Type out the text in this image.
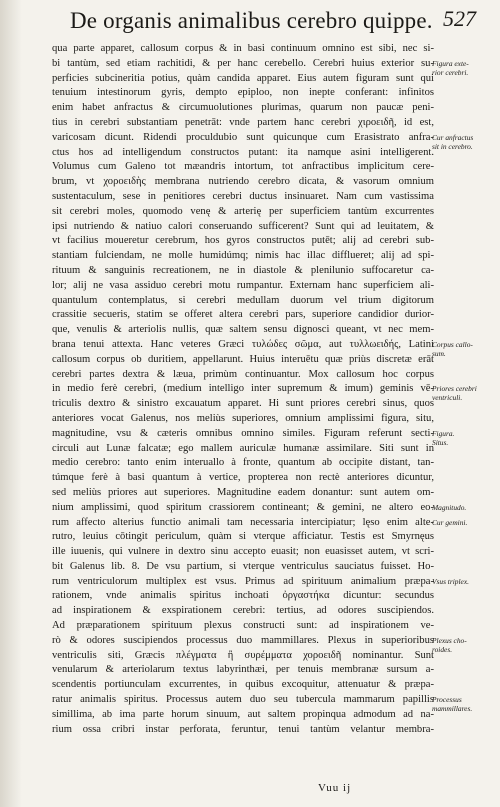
De organis animalibus cerebro quippe. 527
qua parte apparet, callosum corpus & in basi continuum omnino est sibi, nec si-
bi tantùm, sed etiam rachitidi, & per hanc cerebello. Cerebri huius exterior su-
perficies subcineritia potius, quàm candida apparet. Eius autem figuram sunt qui
tenuium intestinorum gyris, dempto epiploo, non inepte conferant: infinitos
enim habet anfractus & circumuolutiones plurimas, quarum non paucæ peni-
tius in cerebri substantiam penetrāt: vnde partem hanc cerebri χιροειδῆ, id est,
varicosam dicunt. Ridendi proculdubio sunt quicunque cum Erasistrato anfra-
ctus hos ad intelligendum constructos putant: ita namque asini intelligerent.
Volumus cum Galeno tot mæandris intortum, tot anfractibus implicitum cere-
brum, vt χοροειδὴς membrana nutriendo cerebro dicata, & vasorum omnium
sustentaculum, sese in penitiores cerebri ductus insinuaret. Nam cum vastissima
sit cerebri moles, quomodo venę & arterię per superficiem tantùm excurrentes
ipsi nutriendo & natiuo calori conseruando sufficerent? Sunt qui ad leuitatem, &
vt facilius moueretur cerebrum, hos gyros constructos putēt; alij ad cerebri sub-
stantiam fulciendam, ne molle humidúmq; nimis hac illac difflueret; alij ad spi-
rituum & sanguinis recreationem, ne in diastole & plenilunio suffocaretur ca-
lor; alij ne vasa assiduo cerebri motu rumpantur. Externam hanc superficiem ali-
quantulum contemplatus, si cerebri medullam duorum vel trium digitorum
crassitie secueris, statim se offeret altera cerebri pars, superiore candidior durior-
que, venulis & arteriolis nullis, quæ saltem sensu dignosci queant, vt nec mem-
brana tenui attexta. Hanc veteres Græci τυλώδες σῶμα, aut τυλλωειδής, Latini
callosum corpus ob duritiem, appellarunt. Huius interuētu quæ priùs discretæ erāt
cerebri partes dextra & læua, primùm continuantur. Mox callosum hoc corpus
in medio ferè cerebri, (medium intelligo inter supremum & imum) geminis vē-
triculis dextro & sinistro excauatum apparet. Hi sunt priores cerebri sinus, quos
anteriores vocat Galenus, nos meliùs superiores, omnium amplissimi figura, situ,
magnitudine, vsu & cæteris omnibus omnino similes. Figuram referunt secti-
circuli aut Lunæ falcatæ; ego mallem auriculæ humanæ assimilare. Siti sunt in
medio cerebro: tanto enim interuallo à fronte, quantum ab occipite distant, tan-
túmque ferè à basi quantum à vertice, propterea non rectè anteriores dicuntur,
sed meliùs priores aut superiores. Magnitudine eadem donantur: sunt autem om-
nium amplissimi, quod spiritum crassiorem contineant; & gemini, ne altero eo-
rum affecto alterius functio animali tam necessaria intercipiatur; lęso enim alte-
rutro, leuius cōtingit periculum, quàm si vterque afficiatur. Testis est Smyrnęus
ille iuuenis, qui vulnere in dextro sinu accepto euasit; non euasisset autem, vt scri-
bit Galenus lib. 8. De vsu partium, si vterque ventriculus sauciatus fuisset. Ho-
rum ventriculorum multiplex est vsus. Primus ad spirituum animalium præpa-
rationem, vnde animalis spiritus inchoati ὀργαστήκα dicuntur: secundus
ad inspirationem & exspirationem cerebri: tertius, ad odores suscipiendos.
Ad præparationem spirituum plexus constructi sunt: ad inspirationem ve-
rò & odores suscipiendos processus duo mammillares. Plexus in superioribus
ventriculis siti, Græcis πλέγματα ἢ συρέμματα χοροειδῆ nominantur. Sunt
venularum & arteriolarum textus labyrinthæi, per tenuis membranæ sursum a-
scendentis portiunculam excurrentes, in quibus excoquitur, attenuatur & præpa-
ratur animalis spiritus. Processus autem duo seu tubercula mammarum papillis
simillima, ab ima parte horum sinuum, aut saltem propinqua admodum ad na-
rium ossa cribri instar perforata, feruntur, tenui tantùm velantur membra-
Figura exte-
rior cerebri.
Cur anfractus
sit in cerebro.
Corpus callo-
sum.
Priores cerebri
ventriculi.
Figura.
Situs.
Magnitudo.
Cur gemini.
Vsus triplex.
Plexus cho-
roides.
Processus
mammillares.
Vuu ij
